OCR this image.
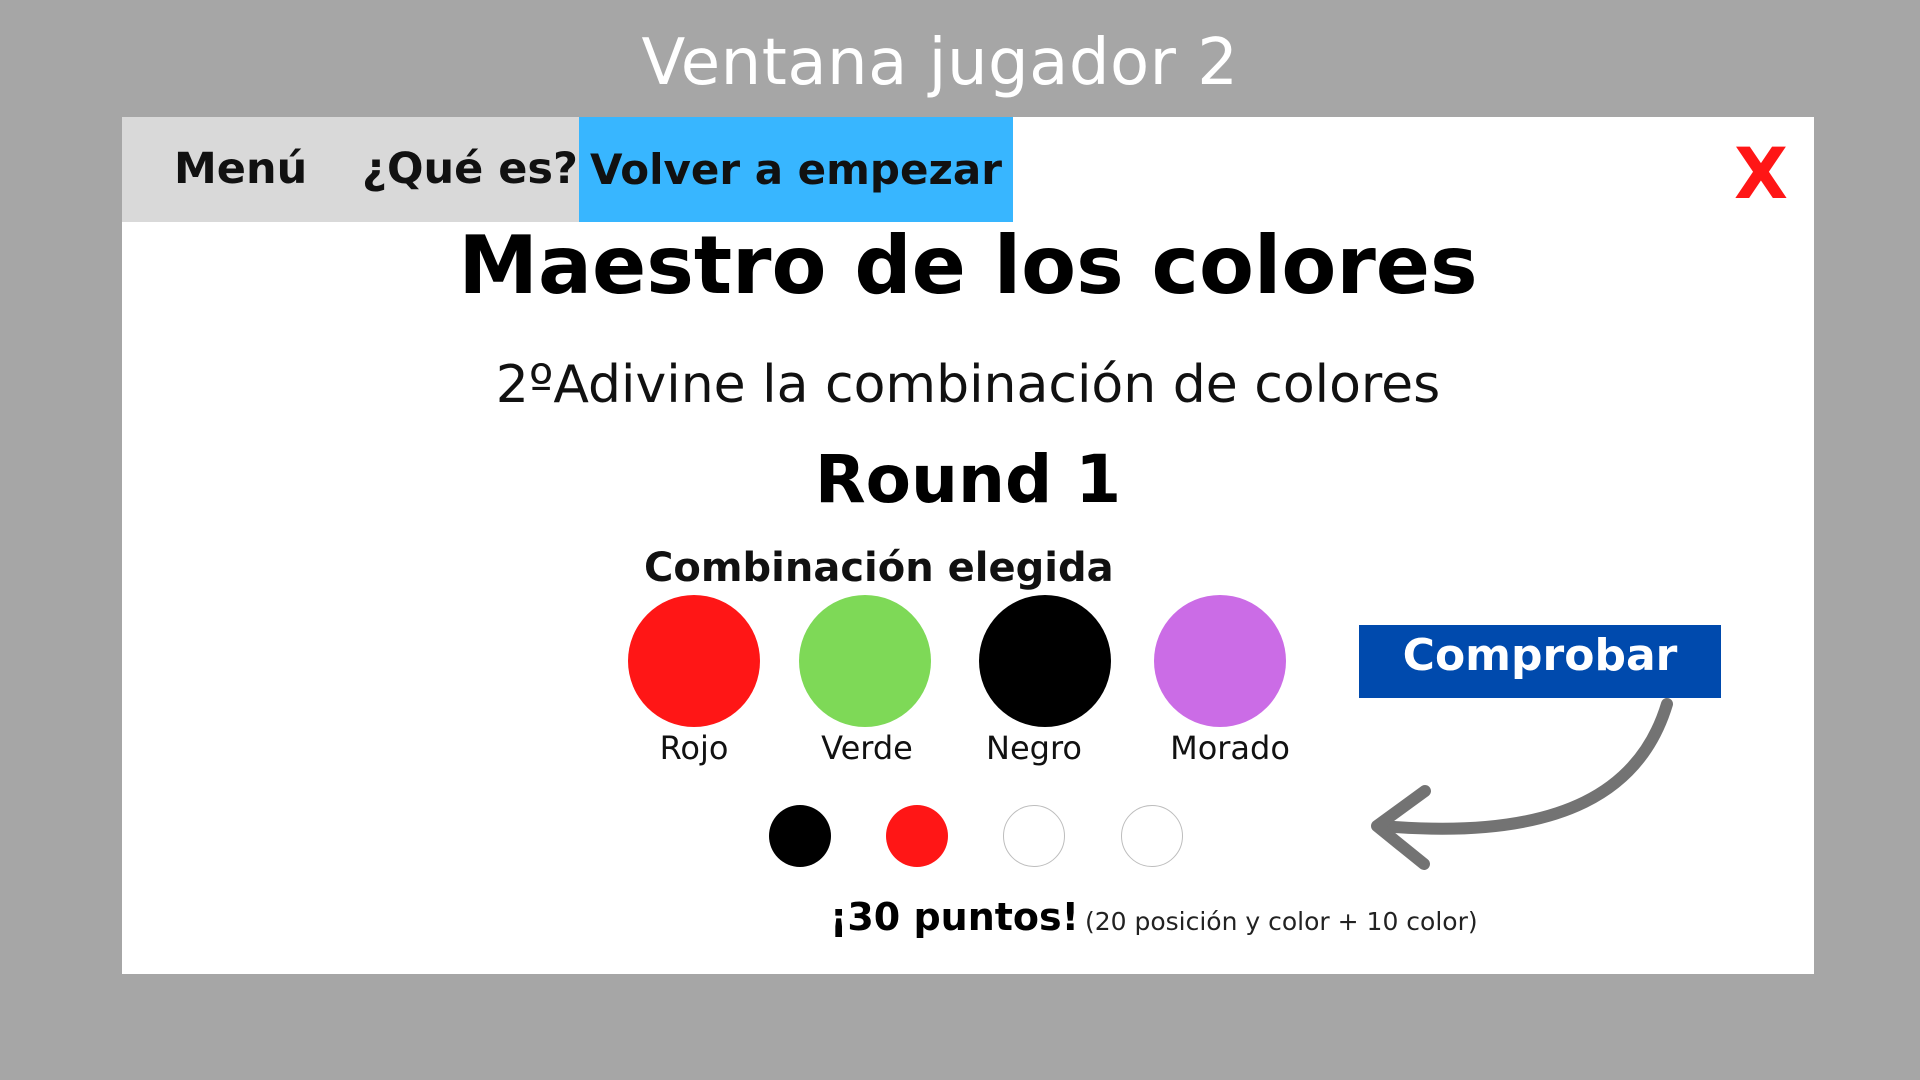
Ventana jugador 2
Menú ¿Qué es? Volver a empezar	X
Maestro de los colores
2ºAdivine la combinación de colores
Round 1
Combinación elegida
Rojo	Verde	Negro	Morado
Comprobar
¡30 puntos! (20 posición y color + 10 color)
